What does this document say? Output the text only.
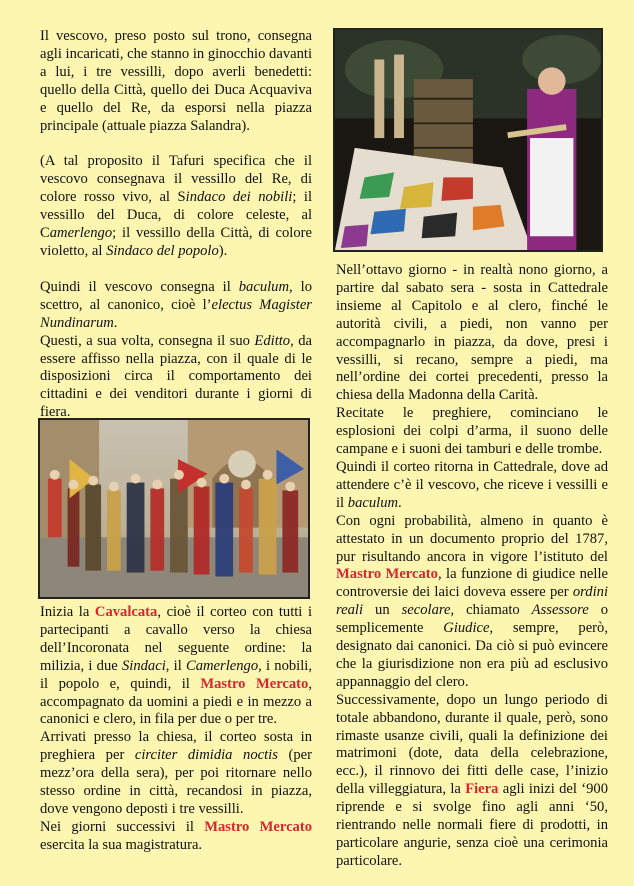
Il vescovo, preso posto sul trono, consegna agli incaricati, che stanno in ginocchio davanti a lui, i tre vessilli, dopo averli benedetti: quello della Città, quello dei Duca Acquaviva e quello del Re, da esporsi nella piazza principale (attuale piazza Salandra).

(A tal proposito il Tafuri specifica che il vescovo consegnava il vessillo del Re, di colore rosso vivo, al Sindaco dei nobili; il vessillo del Duca, di colore celeste, al Camerlengo; il vessillo della Città, di colore violetto, al Sindaco del popolo).

Quindi il vescovo consegna il baculum, lo scettro, al canonico, cioè l’electus Magister Nundinarum.

Questi, a sua volta, consegna il suo Editto, da essere affisso nella piazza, con il quale di le disposizioni circa il comportamento dei cittadini e dei venditori durante i giorni di fiera.

Inizia la Cavalcata, cioè il corteo con tutti i partecipanti a cavallo verso la chiesa dell’Incoronata nel seguente ordine: la milizia, i due Sindaci, il Camerlengo, i nobili, il popolo e, quindi, il Mastro Mercato, accompagnato da uomini a piedi e in mezzo a canonici e clero, in fila per due o per tre.

Arrivati presso la chiesa, il corteo sosta in preghiera per circiter dimidia noctis (per mezz’ora della sera), per poi ritornare nello stesso ordine in città, recandosi in piazza, dove vengono deposti i tre vessilli.

Nei giorni successivi il Mastro Mercato esercita la sua magistratura.

Nell’ottavo giorno - in realtà nono giorno, a partire dal sabato sera - sosta in Cattedrale insieme al Capitolo e al clero, finché le autorità civili, a piedi, non vanno per accompagnarlo in piazza, da dove, presi i vessilli, si recano, sempre a piedi, ma nell’ordine dei cortei precedenti, presso la chiesa della Madonna della Carità.

Recitate le preghiere, cominciano le esplosioni dei colpi d’arma, il suono delle campane e i suoni dei tamburi e delle trombe.

Quindi il corteo ritorna in Cattedrale, dove ad attendere c’è il vescovo, che riceve i vessilli e il baculum.

Con ogni probabilità, almeno in quanto è attestato in un documento proprio del 1787, pur risultando ancora in vigore l’istituto del Mastro Mercato, la funzione di giudice nelle controversie dei laici doveva essere per ordini reali un secolare, chiamato Assessore o semplicemente Giudice, sempre, però, designato dai canonici. Da ciò si può evincere che la giurisdizione non era più ad esclusivo appannaggio del clero.

Successivamente, dopo un lungo periodo di totale abbandono, durante il quale, però, sono rimaste usanze civili, quali la definizione dei matrimoni (dote, data della celebrazione, ecc.), il rinnovo dei fitti delle case, l’inizio della villeggiatura, la Fiera agli inizi del ‘900 riprende e si svolge fino agli anni ‘50, rientrando nelle normali fiere di prodotti, in particolare angurie, senza cioè una cerimonia particolare.
